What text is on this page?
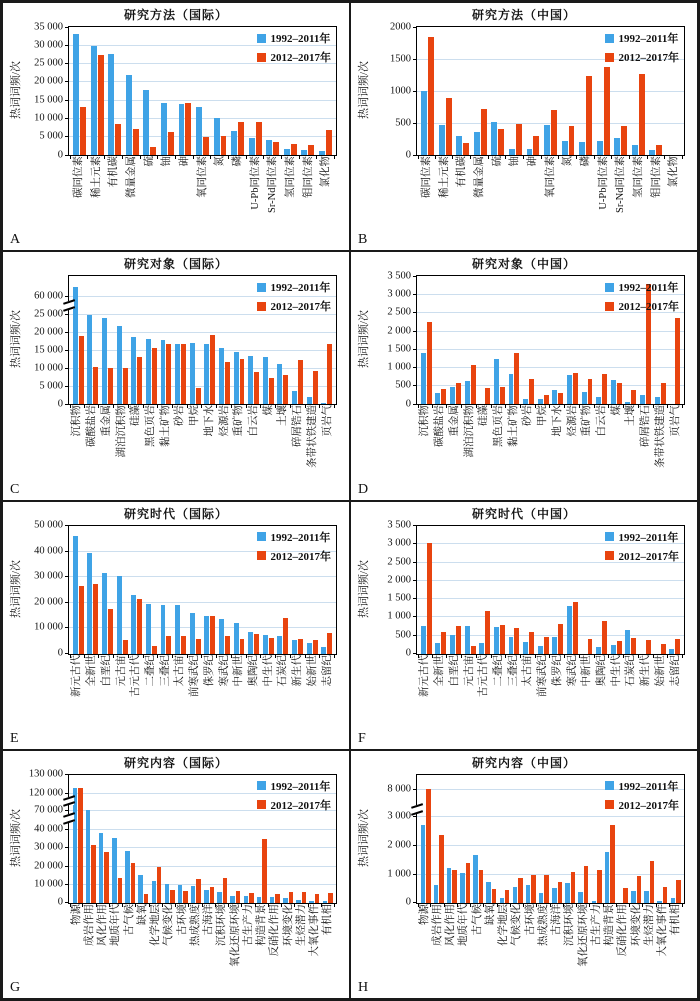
研究方法（国际）
热词词频/次
0
5 000
10 000
15 000
20 000
25 000
30 000
35 000
1992–2011年
2012–2017年
碳同位素 稀土元素 有机碳 微量金属 硫 铀 砷 氧同位素 氮 磷 U-Pb同位素 Sr-Nd同位素 氢同位素 钼同位素 氯化物
A
研究方法（中国）
热词词频/次
0
500
1000
1500
2000
1992–2011年
2012–2017年
碳同位素 稀土元素 有机碳 微量金属 硫 铀 砷 氧同位素 氮 磷 U-Pb同位素 Sr-Nd同位素 氢同位素 钼同位素 氯化物
B
研究对象（国际）
热词词频/次
0
5 000
10 000
15 000
20 000
25 000
60 000
1992–2011年
2012–2017年
沉积物 碳酸盐岩 重金属 湖泊沉积物 硅藻 黑色页岩 黏土矿物 砂岩 甲烷 地下水 烃源岩 重矿物 白云岩 煤 土壤 碎屑锆石 条带状铁建造 页岩气
C
研究对象（中国）
热词词频/次
0
500
1 000
1 500
2 000
2 500
3 000
3 500
1992–2011年
2012–2017年
沉积物 碳酸盐岩 重金属 湖泊沉积物 硅藻 黑色页岩 黏土矿物 砂岩 甲烷 地下水 烃源岩 重矿物 白云岩 煤 土壤 碎屑锆石 条带状铁建造 页岩气
D
研究时代（国际）
热词词频/次
0
10 000
20 000
30 000
40 000
50 000
1992–2011年
2012–2017年
新元古代 全新世 白垩纪 元古宙 古元古代 二叠纪 三叠纪 太古宙 前寒武纪 侏罗纪 寒武纪 中新世 奥陶纪 中生代 石炭纪 新生代 始新世 志留纪
E
研究时代（中国）
热词词频/次
0
500
1 000
1 500
2 000
2 500
3 000
3 500
1992–2011年
2012–2017年
新元古代 全新世 白垩纪 元古宙 古元古代 二叠纪 三叠纪 太古宙 前寒武纪 侏罗纪 寒武纪 中新世 奥陶纪 中生代 石炭纪 新生代 始新世 志留纪
F
研究内容（国际）
热词词频/次
0
10 000
20 000
30 000
40 000
70 000
120 000
130 000
1992–2011年
2012–2017年
物源 成岩作用 风化作用 地质年代 古气候 缺氧 化学地层 气候变化 古环境 热成熟度 古海洋 沉积环境 氧化还原环境 古生产力 构造背景 反硝化作用 环境变化 生烃潜力 大氧化事件 有机相
G
研究内容（中国）
热词词频/次
0
1 000
2 000
3 000
8 000	1992–2011年
2012–2017年
物源 成岩作用 风化作用 地质年代 古气候 缺氧 化学地层 气候变化 古环境 热成熟度 古海洋 沉积环境 氧化还原环境 古生产力 构造背景 反硝化作用 环境变化 生烃潜力 大氧化事件 有机相
H
